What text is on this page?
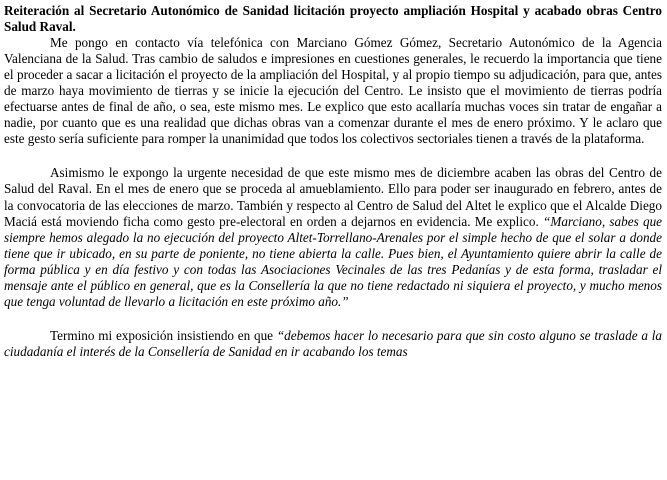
Reiteración al Secretario Autonómico de Sanidad licitación proyecto ampliación Hospital y acabado obras Centro Salud Raval.

Me pongo en contacto vía telefónica con Marciano Gómez Gómez, Secretario Autonómico de la Agencia Valenciana de la Salud. Tras cambio de saludos e impresiones en cuestiones generales, le recuerdo la importancia que tiene el proceder a sacar a licitación el proyecto de la ampliación del Hospital, y al propio tiempo su adjudicación, para que, antes de marzo haya movimiento de tierras y se inicie la ejecución del Centro. Le insisto que el movimiento de tierras podría efectuarse antes de final de año, o sea, este mismo mes. Le explico que esto acallaría muchas voces sin tratar de engañar a nadie, por cuanto que es una realidad que dichas obras van a comenzar durante el mes de enero próximo. Y le aclaro que este gesto sería suficiente para romper la unanimidad que todos los colectivos sectoriales tienen a través de la plataforma.

Asimismo le expongo la urgente necesidad de que este mismo mes de diciembre acaben las obras del Centro de Salud del Raval. En el mes de enero que se proceda al amueblamiento. Ello para poder ser inaugurado en febrero, antes de la convocatoria de las elecciones de marzo. También y respecto al Centro de Salud del Altet le explico que el Alcalde Diego Maciá está moviendo ficha como gesto pre-electoral en orden a dejarnos en evidencia. Me explico. “Marciano, sabes que siempre hemos alegado la no ejecución del proyecto Altet-Torrellano-Arenales por el simple hecho de que el solar a donde tiene que ir ubicado, en su parte de poniente, no tiene abierta la calle. Pues bien, el Ayuntamiento quiere abrir la calle de forma pública y en día festivo y con todas las Asociaciones Vecinales de las tres Pedanías y de esta forma, trasladar el mensaje ante el público en general, que es la Consellería la que no tiene redactado ni siquiera el proyecto, y mucho menos que tenga voluntad de llevarlo a licitación en este próximo año.”

Termino mi exposición insistiendo en que “debemos hacer lo necesario para que sin costo alguno se traslade a la ciudadanía el interés de la Consellería de Sanidad en ir acabando los temas
